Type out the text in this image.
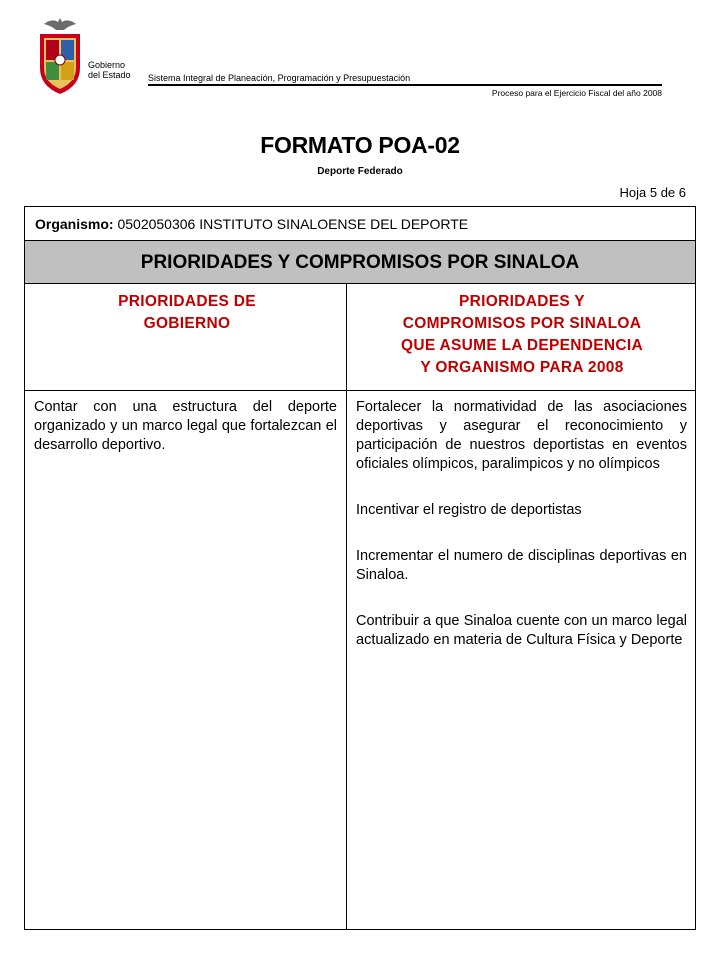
Gobierno
del Estado Sistema Integral de Planeación, Programación y Presupuestación
Proceso para el Ejercicio Fiscal del año 2008
FORMATO POA-02
Deporte Federado
Hoja 5 de 6
Organismo: 0502050306 INSTITUTO SINALOENSE DEL DEPORTE
PRIORIDADES Y COMPROMISOS POR SINALOA
PRIORIDADES DE
GOBIERNO
PRIORIDADES Y
COMPROMISOS POR SINALOA
QUE ASUME LA DEPENDENCIA
Y ORGANISMO PARA 2008

Contar con una estructura del deporte organizado y un marco legal que fortalezcan el desarrollo deportivo.

Fortalecer la normatividad de las asociaciones deportivas y asegurar el reconocimiento y participación de nuestros deportistas en eventos oficiales olímpicos, paralimpicos y no olímpicos

Incentivar el registro de deportistas

Incrementar el numero de disciplinas deportivas en Sinaloa.

Contribuir a que Sinaloa cuente con un marco legal actualizado en materia de Cultura Física y Deporte
